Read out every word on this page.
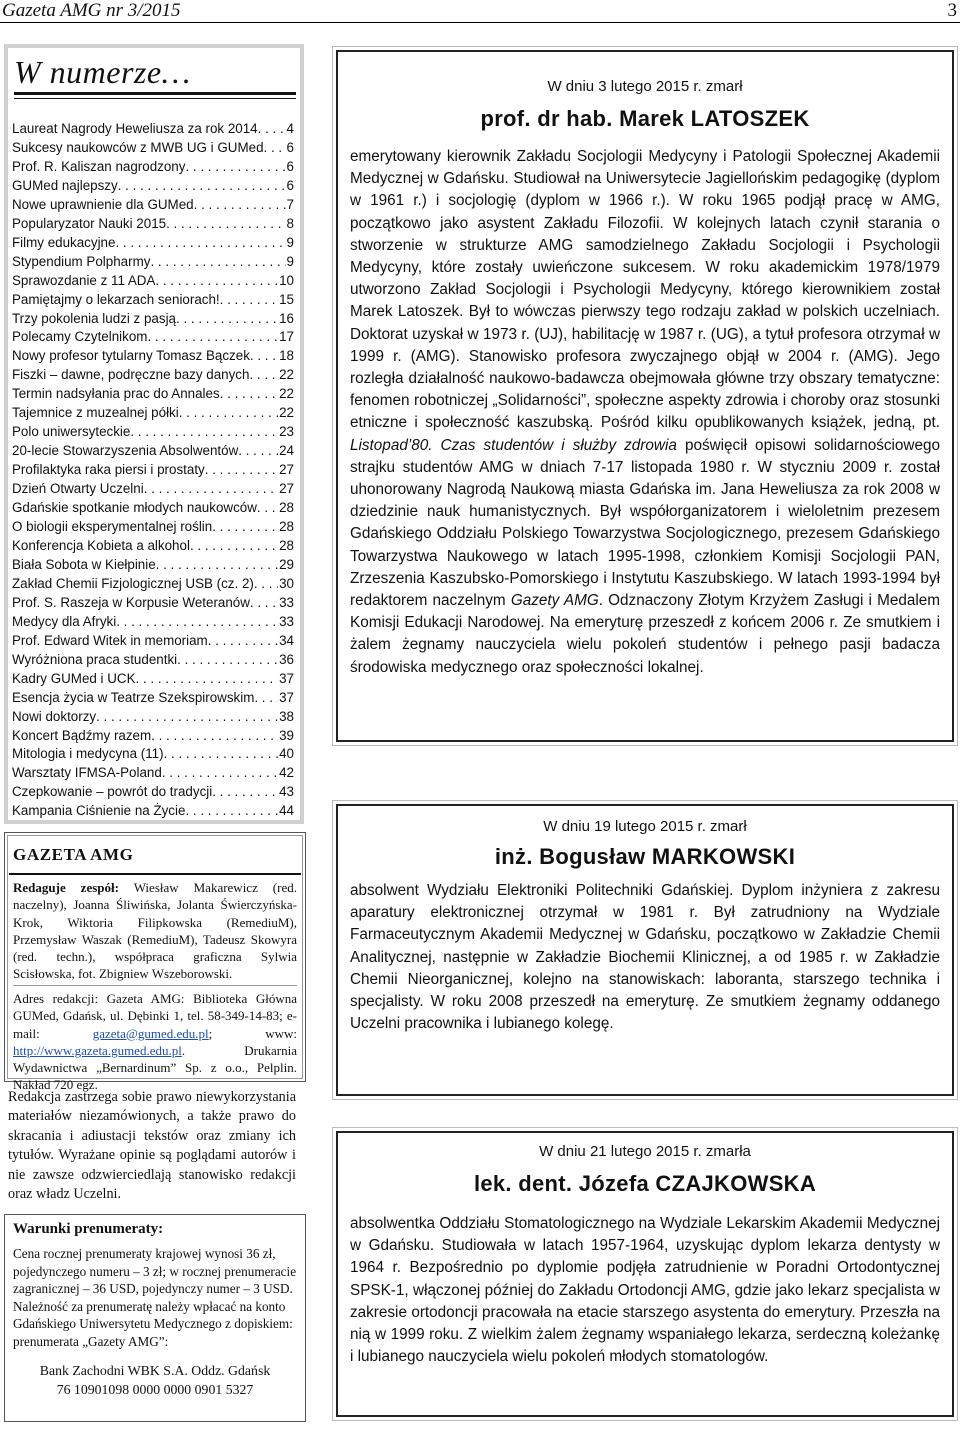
Gazeta AMG nr 3/2015	3
W numerze…
Laureat Nagrody Heweliusza za rok 2014 . . . 4
Sukcesy naukowców z MWB UG i GUMed . . . 6
Prof. R. Kaliszan nagrodzony . . .	6
GUMed najlepszy . . .	6
Nowe uprawnienie dla GUMed . . .	7
Popularyzator Nauki 2015 . . .	8
Filmy edukacyjne . . .	9
Stypendium Polpharmy . . .	9
Sprawozdanie z 11 ADA . . .	10
Pamiętajmy o lekarzach seniorach! . . .	15
Trzy pokolenia ludzi z pasją . . .	16
Polecamy Czytelnikom . . .	17
Nowy profesor tytularny Tomasz Bączek . . . 18
Fiszki – dawne, podręczne bazy danych . . . 22
Termin nadsyłania prac do Annales . . .	22
Tajemnice z muzealnej półki . . .	22
Polo uniwersyteckie . . .	23
20-lecie Stowarzyszenia Absolwentów . . .	24
Profilaktyka raka piersi i prostaty . . .	27
Dzień Otwarty Uczelni . . .	27
Gdańskie spotkanie młodych naukowców . . . 28
O biologii eksperymentalnej roślin . . .	28
Konferencja Kobieta a alkohol . . .	28
Biała Sobota w Kiełpinie . . .	29
Zakład Chemii Fizjologicznej USB (cz. 2) . . . 30
Prof. S. Raszeja w Korpusie Weteranów . . . 33
Medycy dla Afryki . . .	33
Prof. Edward Witek in memoriam . . .	34
Wyróżniona praca studentki . . .	36
Kadry GUMed i UCK . . .	37
Esencja życia w Teatrze Szekspirowskim . . . 37
Nowi doktorzy . . .	38
Koncert Bądźmy razem . . .	39
Mitologia i medycyna (11) . . .	40
Warsztaty IFMSA-Poland . . .	42
Czepkowanie – powrót do tradycji . . .	43
Kampania Ciśnienie na Życie . . .	44
GAZETA AMG
Redaguje zespół: Wiesław Makarewicz (red. naczelny), Joanna Śliwińska, Jolanta Świerczyńska-Krok, Wiktoria Filipkowska (RemediuM), Przemysław Waszak (RemediuM), Tadeusz Skowyra (red. techn.), współpraca graficzna Sylwia Scisłowska, fot. Zbigniew Wszeborowski.
Adres redakcji: Gazeta AMG: Biblioteka Główna GUMed, Gdańsk, ul. Dębinki 1, tel. 58-349-14-83; e-mail:	gazeta@gumed.edu.pl; www: http://www.gazeta.gumed.edu.pl. Drukarnia Wydawnictwa „Bernardinum” Sp. z o.o., Pelplin. Nakład 720 egz.
Redakcja zastrzega sobie prawo niewykorzystania materiałów niezamówionych, a także prawo do skracania i adiustacji tekstów oraz zmiany ich tytułów. Wyrażane opinie są poglądami autorów i nie zawsze odzwierciedlają stanowisko redakcji oraz władz Uczelni.
Warunki prenumeraty:
Cena rocznej prenumeraty krajowej wynosi 36 zł, pojedynczego numeru – 3 zł; w rocznej prenumeracie zagranicznej – 36 USD, pojedynczy numer – 3 USD. Należność za prenumeratę należy wpłacać na konto Gdańskiego Uniwersytetu Medycznego z dopiskiem: prenumerata „Gazety AMG”:
Bank Zachodni WBK S.A. Oddz. Gdańsk
76 10901098 0000 0000 0901 5327
W dniu 3 lutego 2015 r. zmarł
prof. dr hab. Marek LATOSZEK
emerytowany kierownik Zakładu Socjologii Medycyny i Patologii Społecznej Akademii Medycznej w Gdańsku. Studiował na Uniwersytecie Jagiellońskim pedagogikę (dyplom w 1961 r.) i socjologię (dyplom w 1966 r.). W roku 1965 podjął pracę w AMG, początkowo jako asystent Zakładu Filozofii. W kolejnych latach czynił starania o stworzenie w strukturze AMG samodzielnego Zakładu Socjologii i Psychologii Medycyny, które zostały uwieńczone sukcesem. W roku akademickim 1978/1979 utworzono Zakład Socjologii i Psychologii Medycyny, którego kierownikiem został Marek Latoszek. Był to wówczas pierwszy tego rodzaju zakład w polskich uczelniach. Doktorat uzyskał w 1973 r. (UJ), habilitację w 1987 r. (UG), a tytuł profesora otrzymał w 1999 r. (AMG). Stanowisko profesora zwyczajnego objął w 2004 r. (AMG). Jego rozległa działalność naukowo-badawcza obejmowała główne trzy obszary tematyczne: fenomen robotniczej „Solidarności”, społeczne aspekty zdrowia i choroby oraz stosunki etniczne i społeczność kaszubską. Pośród kilku opublikowanych książek, jedną, pt. Listopad’80. Czas studentów i służby zdrowia poświęcił opisowi solidarnościowego strajku studentów AMG w dniach 7-17 listopada 1980 r. W styczniu 2009 r. został uhonorowany Nagrodą Naukową miasta Gdańska im. Jana Heweliusza za rok 2008 w dziedzinie nauk humanistycznych. Był współorganizatorem i wieloletnim prezesem Gdańskiego Oddziału Polskiego Towarzystwa Socjologicznego, prezesem Gdańskiego Towarzystwa Naukowego w latach 1995-1998, członkiem Komisji Socjologii PAN, Zrzeszenia Kaszubsko-Pomorskiego i Instytutu Kaszubskiego. W latach 1993-1994 był redaktorem naczelnym Gazety AMG. Odznaczony Złotym Krzyżem Zasługi i Medalem Komisji Edukacji Narodowej. Na emeryturę przeszedł z końcem 2006 r. Ze smutkiem i żalem żegnamy nauczyciela wielu pokoleń studentów i pełnego pasji badacza środowiska medycznego oraz społeczności lokalnej.
W dniu 19 lutego 2015 r. zmarł
inż. Bogusław MARKOWSKI
absolwent Wydziału Elektroniki Politechniki Gdańskiej. Dyplom inżyniera z zakresu aparatury elektronicznej otrzymał w 1981 r. Był zatrudniony na Wydziale Farmaceutycznym Akademii Medycznej w Gdańsku, początkowo w Zakładzie Chemii Analitycznej, następnie w Zakładzie Biochemii Klinicznej, a od 1985 r. w Zakładzie Chemii Nieorganicznej, kolejno na stanowiskach: laboranta, starszego technika i specjalisty. W roku 2008 przeszedł na emeryturę. Ze smutkiem żegnamy oddanego Uczelni pracownika i lubianego kolegę.
W dniu 21 lutego 2015 r. zmarła
lek. dent. Józefa CZAJKOWSKA
absolwentka Oddziału Stomatologicznego na Wydziale Lekarskim Akademii Medycznej w Gdańsku. Studiowała w latach 1957-1964, uzyskując dyplom lekarza dentysty w 1964 r. Bezpośrednio po dyplomie podjęła zatrudnienie w Poradni Ortodontycznej SPSK-1, włączonej później do Zakładu Ortodoncji AMG, gdzie jako lekarz specjalista w zakresie ortodoncji pracowała na etacie starszego asystenta do emerytury. Przeszła na nią w 1999 roku. Z wielkim żalem żegnamy wspaniałego lekarza, serdeczną koleżankę i lubianego nauczyciela wielu pokoleń młodych stomatologów.
